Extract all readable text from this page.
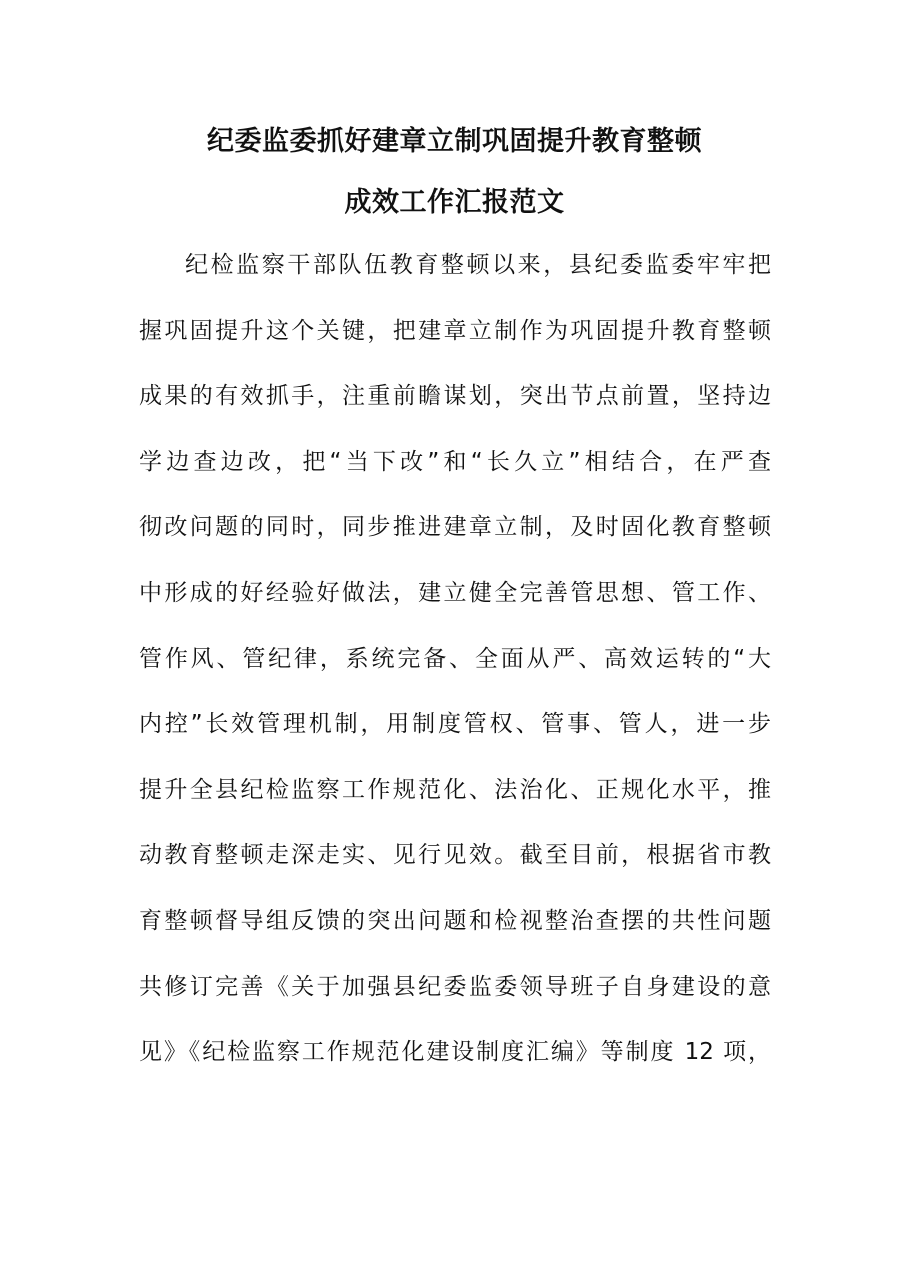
纪委监委抓好建章立制巩固提升教育整顿
成效工作汇报范文
纪检监察干部队伍教育整顿以来，县纪委监委牢牢把
握巩固提升这个关键，把建章立制作为巩固提升教育整顿
成果的有效抓手，注重前瞻谋划，突出节点前置，坚持边
学边查边改，把“当下改”和“长久立”相结合，在严查
彻改问题的同时，同步推进建章立制，及时固化教育整顿
中形成的好经验好做法，建立健全完善管思想、管工作、
管作风、管纪律，系统完备、全面从严、高效运转的“大
内控”长效管理机制，用制度管权、管事、管人，进一步
提升全县纪检监察工作规范化、法治化、正规化水平，推
动教育整顿走深走实、见行见效。截至目前，根据省市教
育整顿督导组反馈的突出问题和检视整治查摆的共性问题
共修订完善《关于加强县纪委监委领导班子自身建设的意
见》《纪检监察工作规范化建设制度汇编》等制度 12 项，
